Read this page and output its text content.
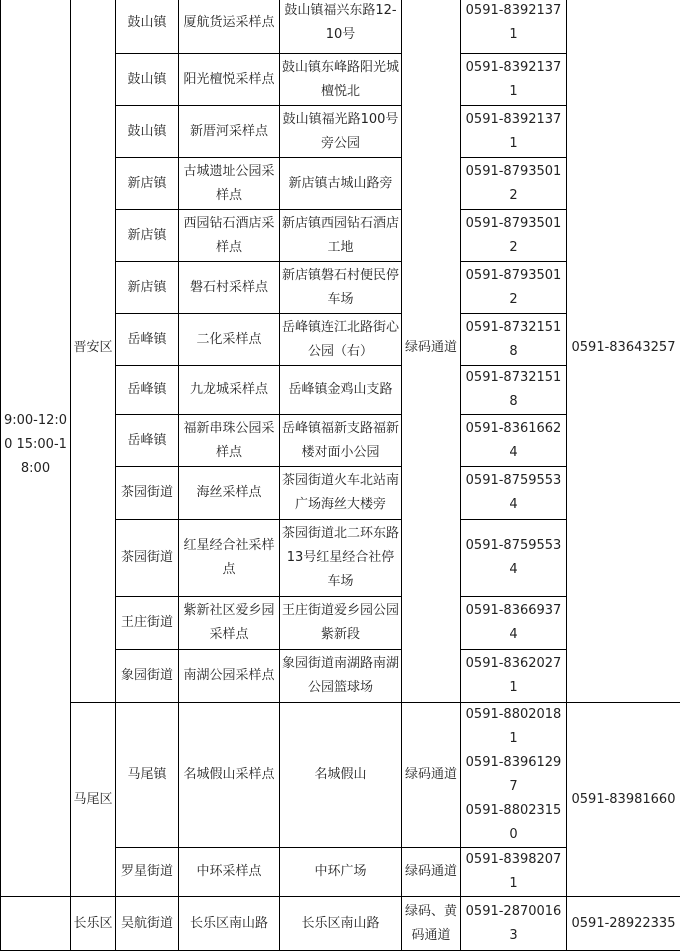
9:00-12:00 15:00-18:00	晋安区	鼓山镇	厦航货运采样点	鼓山镇福兴东路12-10号	绿码通道	0591-83921371	0591-83643257
		鼓山镇	阳光檀悦采样点	鼓山镇东峰路阳光城檀悦北		0591-83921371	
		鼓山镇	新厝河采样点	鼓山镇福光路100号旁公园		0591-83921371	
		新店镇	古城遗址公园采样点	新店镇古城山路旁		0591-87935012	
		新店镇	西园钻石酒店采样点	新店镇西园钻石酒店工地		0591-87935012	
		新店镇	磐石村采样点	新店镇磐石村便民停车场		0591-87935012	
		岳峰镇	二化采样点	岳峰镇连江北路街心公园（右）		0591-87321518	
		岳峰镇	九龙城采样点	岳峰镇金鸡山支路		0591-87321518	
		岳峰镇	福新串珠公园采样点	岳峰镇福新支路福新楼对面小公园		0591-83616624	
		茶园街道	海丝采样点	茶园街道火车北站南广场海丝大楼旁		0591-87595534	
		茶园街道	红星经合社采样点	茶园街道北二环东路13号红星经合社停车场		0591-87595534	
		王庄街道	紫新社区爱乡园采样点	王庄街道爱乡园公园紫新段		0591-83669374	
		象园街道	南湖公园采样点	象园街道南湖路南湖公园篮球场		0591-83620271	
	马尾区	马尾镇	名城假山采样点	名城假山	绿码通道	0591-88020181
0591-83961297
0591-88023150	0591-83981660
		罗星街道	中环采样点	中环广场	绿码通道	0591-83982071	
	长乐区	吴航街道	长乐区南山路	长乐区南山路	绿码、黄码通道	0591-28700163	0591-28922335
